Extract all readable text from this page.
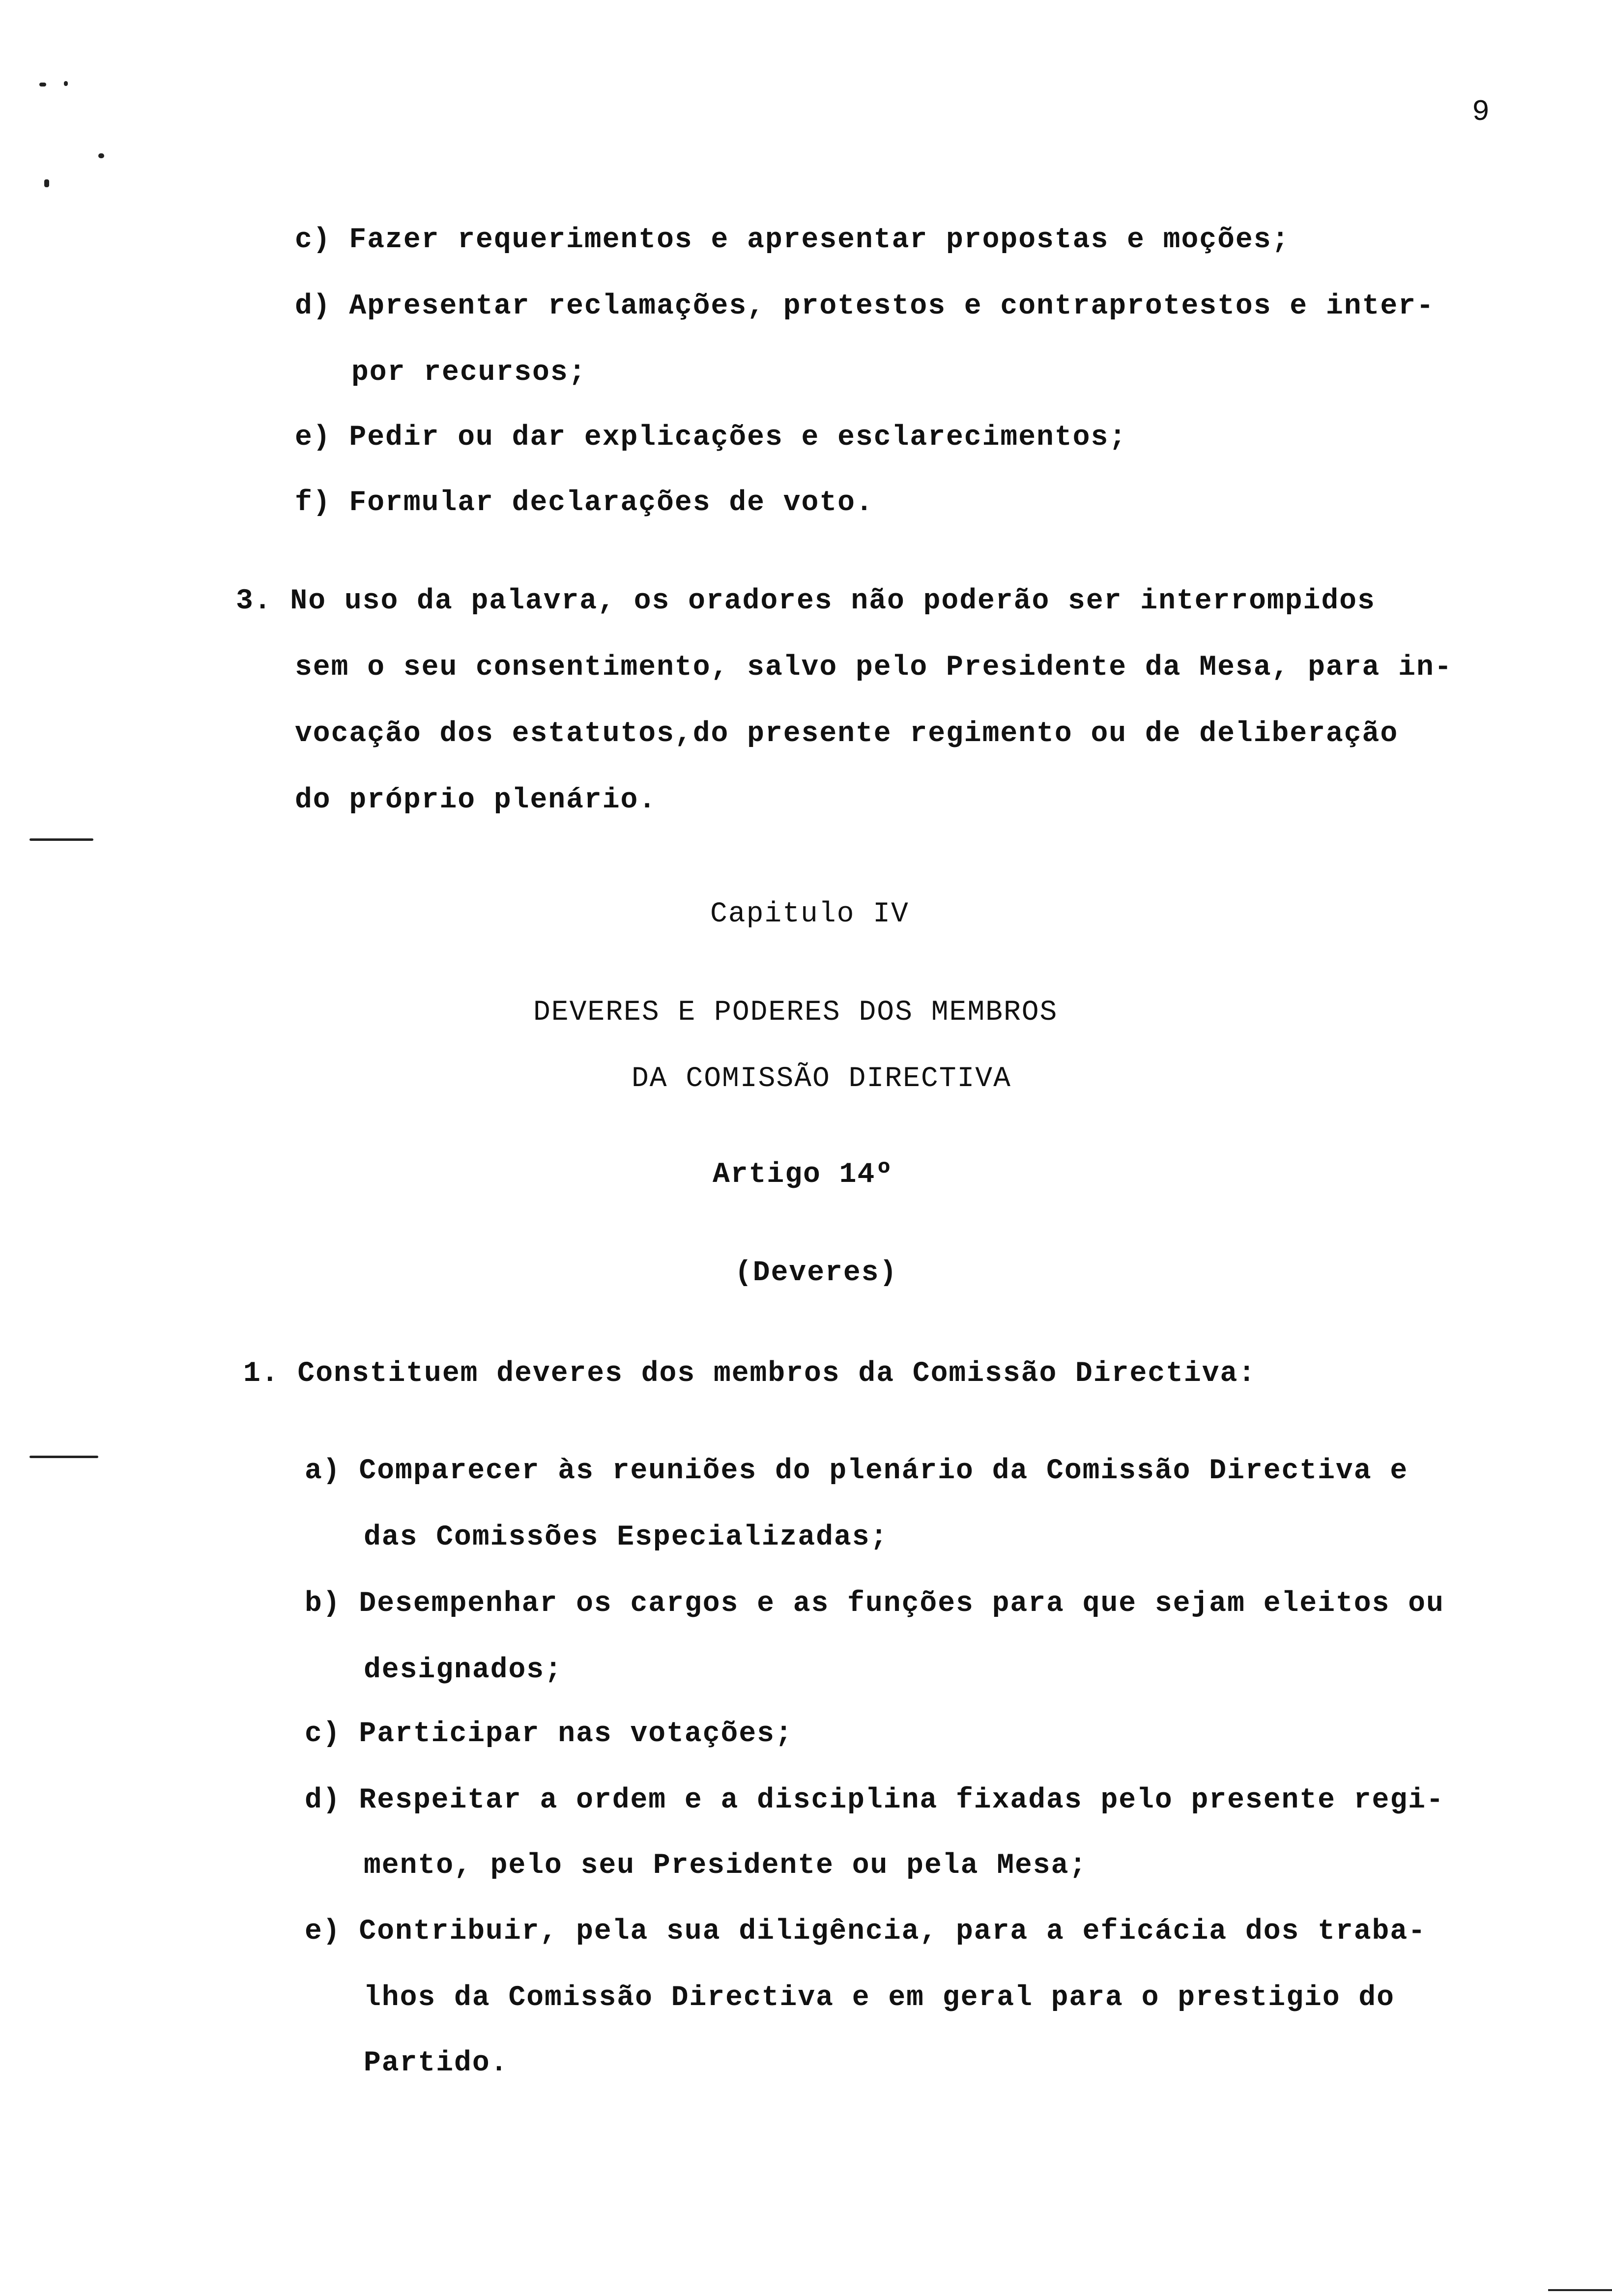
9
c) Fazer requerimentos e apresentar propostas e moções;
d) Apresentar reclamações, protestos e contraprotestos e inter-
por recursos;
e) Pedir ou dar explicações e esclarecimentos;
f) Formular declarações de voto.
3. No uso da palavra, os oradores não poderão ser interrompidos
sem o seu consentimento, salvo pelo Presidente da Mesa, para in-
vocação dos estatutos,do presente regimento ou de deliberação
do próprio plenário.
Capitulo IV
DEVERES E PODERES DOS MEMBROS
DA COMISSÃO DIRECTIVA
Artigo 14º
(Deveres)
1. Constituem deveres dos membros da Comissão Directiva:
a) Comparecer às reuniões do plenário da Comissão Directiva e
das Comissões Especializadas;
b) Desempenhar os cargos e as funções para que sejam eleitos ou
designados;
c) Participar nas votações;
d) Respeitar a ordem e a disciplina fixadas pelo presente regi-
mento, pelo seu Presidente ou pela Mesa;
e) Contribuir, pela sua diligência, para a eficácia dos traba-
lhos da Comissão Directiva e em geral para o prestigio do
Partido.
